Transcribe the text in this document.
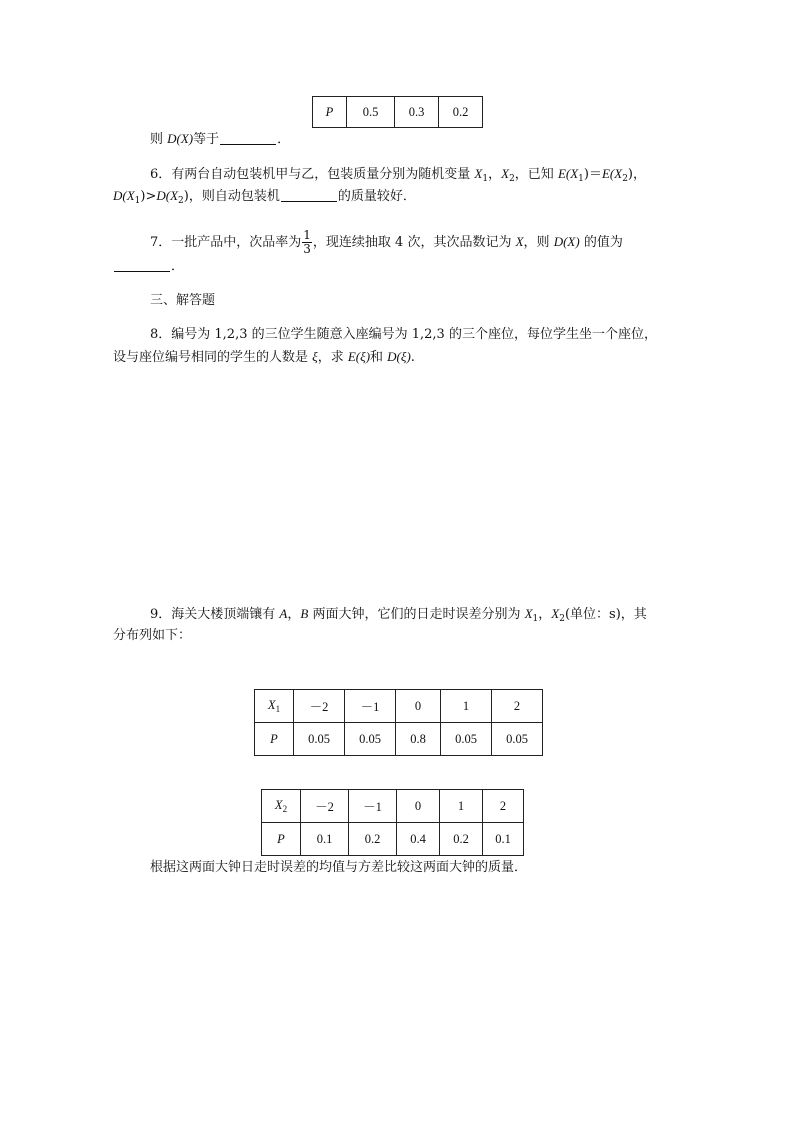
P	0.5	0.3	0.2
则 D(X)等于	．
6．有两台自动包装机甲与乙，包装质量分别为随机变量 $X_1$，$X_2$，已知 $E(X_1)=E(X_2)$，
$D(X_1)>D(X_2)$，则自动包装机	的质量较好．
7．一批产品中，次品率为 $\frac{1}{3}$ ，现连续抽取 4 次，其次品数记为 X，则 D(X) 的值为
．
三、解答题
8．编号为 1,2,3 的三位学生随意入座编号为 1,2,3 的三个座位，每位学生坐一个座位，
设与座位编号相同的学生的人数是 ξ，求 E(ξ)和 D(ξ).
9．海关大楼顶端镶有 A，B 两面大钟，它们的日走时误差分别为 $X_1$，$X_2$(单位：s)，其
分布列如下：
$X_1$	－2	－1	0	1	2
P	0.05	0.05	0.8	0.05	0.05
$X_2$	－2	－1	0	1	2
P	0.1	0.2	0.4	0.2	0.1
根据这两面大钟日走时误差的均值与方差比较这两面大钟的质量．
